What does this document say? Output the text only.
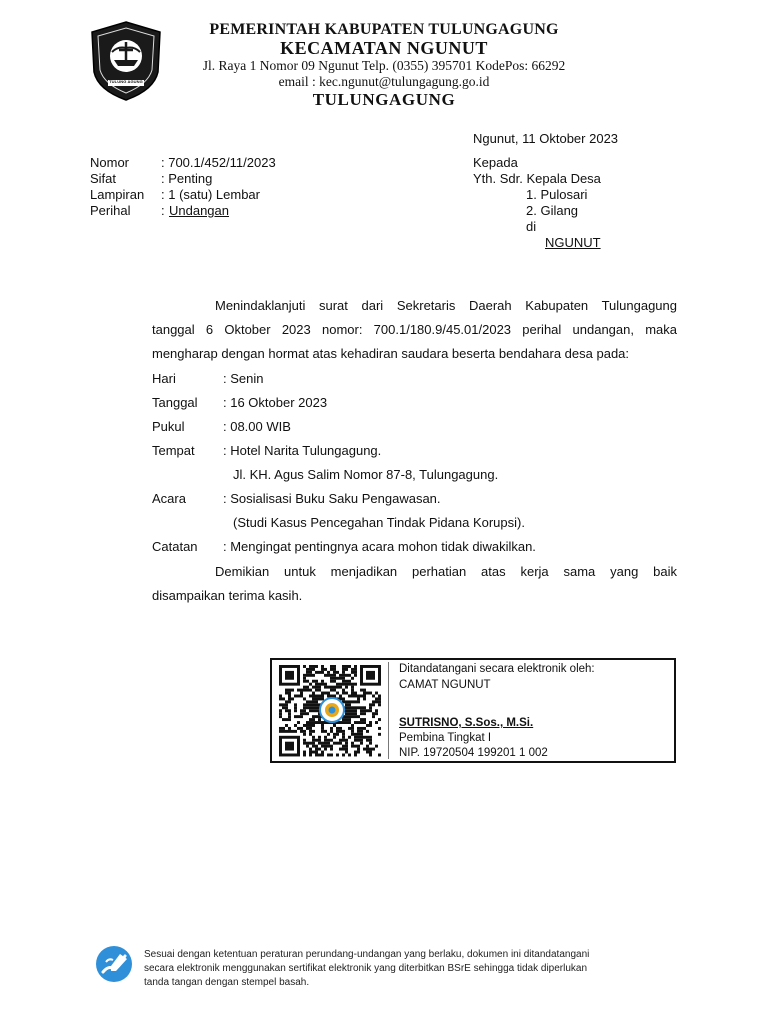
TULUNG AGUNG
PEMERINTAH KABUPATEN TULUNGAGUNG
KECAMATAN NGUNUT
Jl. Raya 1 Nomor 09 Ngunut Telp. (0355) 395701 KodePos: 66292
email : kec.ngunut@tulungagung.go.id
TULUNGAGUNG
Ngunut, 11 Oktober 2023
Nomor : 700.1/452/11/2023
Sifat	: Penting
Lampiran : 1 (satu) Lembar
Perihal : Undangan
Kepada
Yth. Sdr. Kepala Desa
1. Pulosari
2. Gilang
di
NGUNUT
Menindaklanjuti surat dari Sekretaris Daerah Kabupaten Tulungagung
tanggal 6 Oktober 2023 nomor: 700.1/180.9/45.01/2023 perihal undangan, maka
mengharap dengan hormat atas kehadiran saudara beserta bendahara desa pada:
Hari	: Senin
Tanggal : 16 Oktober 2023
Pukul	: 08.00 WIB
Tempat : Hotel Narita Tulungagung.
Jl. KH. Agus Salim Nomor 87-8, Tulungagung.
Acara	: Sosialisasi Buku Saku Pengawasan.
(Studi Kasus Pencegahan Tindak Pidana Korupsi).
Catatan : Mengingat pentingnya acara mohon tidak diwakilkan.
Demikian untuk menjadikan perhatian atas kerja sama yang baik
disampaikan terima kasih.
Ditandatangani secara elektronik oleh:
CAMAT NGUNUT
SUTRISNO, S.Sos., M.Si.
Pembina Tingkat I
NIP. 19720504 199201 1 002
Sesuai dengan ketentuan peraturan perundang-undangan yang berlaku, dokumen ini ditandatangani
secara elektronik menggunakan sertifikat elektronik yang diterbitkan BSrE sehingga tidak diperlukan
tanda tangan dengan stempel basah.
